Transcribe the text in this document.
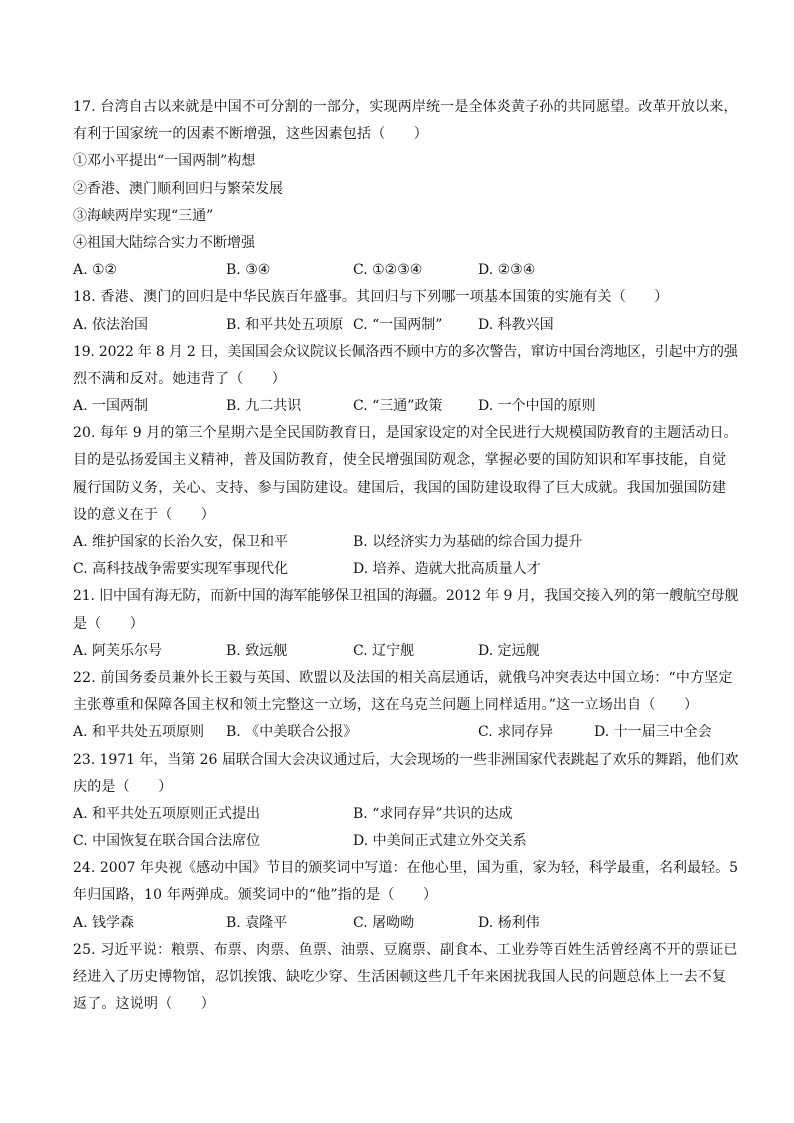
17. 台湾自古以来就是中国不可分割的一部分，实现两岸统一是全体炎黄子孙的共同愿望。改革开放以来，
有利于国家统一的因素不断增强，这些因素包括（　　）
①邓小平提出“一国两制”构想
②香港、澳门顺利回归与繁荣发展
③海峡两岸实现“三通”
④祖国大陆综合实力不断增强
A. ①②	B. ③④	C. ①②③④	D. ②③④
18. 香港、澳门的回归是中华民族百年盛事。其回归与下列哪一项基本国策的实施有关（　　）
A. 依法治国	B. 和平共处五项原 C. “一国两制”	D. 科教兴国
19. 2022 年 8 月 2 日，美国国会众议院议长佩洛西不顾中方的多次警告，窜访中国台湾地区，引起中方的强
烈不满和反对。她违背了（　　）
A. 一国两制	B. 九二共识	C. “三通”政策	D. 一个中国的原则
20. 每年 9 月的第三个星期六是全民国防教育日，是国家设定的对全民进行大规模国防教育的主题活动日。
目的是弘扬爱国主义精神，普及国防教育，使全民增强国防观念，掌握必要的国防知识和军事技能，自觉
履行国防义务，关心、支持、参与国防建设。建国后，我国的国防建设取得了巨大成就。我国加强国防建
设的意义在于（　　）
A. 维护国家的长治久安，保卫和平	B. 以经济实力为基础的综合国力提升
C. 高科技战争需要实现军事现代化	D. 培养、造就大批高质量人才
21. 旧中国有海无防，而新中国的海军能够保卫祖国的海疆。2012 年 9 月，我国交接入列的第一艘航空母舰
是（　　）
A. 阿芙乐尔号	B. 致远舰	C. 辽宁舰	D. 定远舰
22. 前国务委员兼外长王毅与英国、欧盟以及法国的相关高层通话，就俄乌冲突表达中国立场：“中方坚定
主张尊重和保障各国主权和领土完整这一立场，这在乌克兰问题上同样适用。”这一立场出自（　　）
A. 和平共处五项原则 B. 《中美联合公报》	C. 求同存异	D. 十一届三中全会
23. 1971 年，当第 26 届联合国大会决议通过后，大会现场的一些非洲国家代表跳起了欢乐的舞蹈，他们欢
庆的是（　　）
A. 和平共处五项原则正式提出	B. “求同存异”共识的达成
C. 中国恢复在联合国合法席位	D. 中美间正式建立外交关系
24. 2007 年央视《感动中国》节目的颁奖词中写道：在他心里，国为重，家为轻，科学最重，名利最轻。5
年归国路，10 年两弹成。颁奖词中的“他”指的是（　　）
A. 钱学森	B. 袁隆平	C. 屠呦呦	D. 杨利伟
25. 习近平说：粮票、布票、肉票、鱼票、油票、豆腐票、副食本、工业券等百姓生活曾经离不开的票证已
经进入了历史博物馆，忍饥挨饿、缺吃少穿、生活困顿这些几千年来困扰我国人民的问题总体上一去不复
返了。这说明（　　）
